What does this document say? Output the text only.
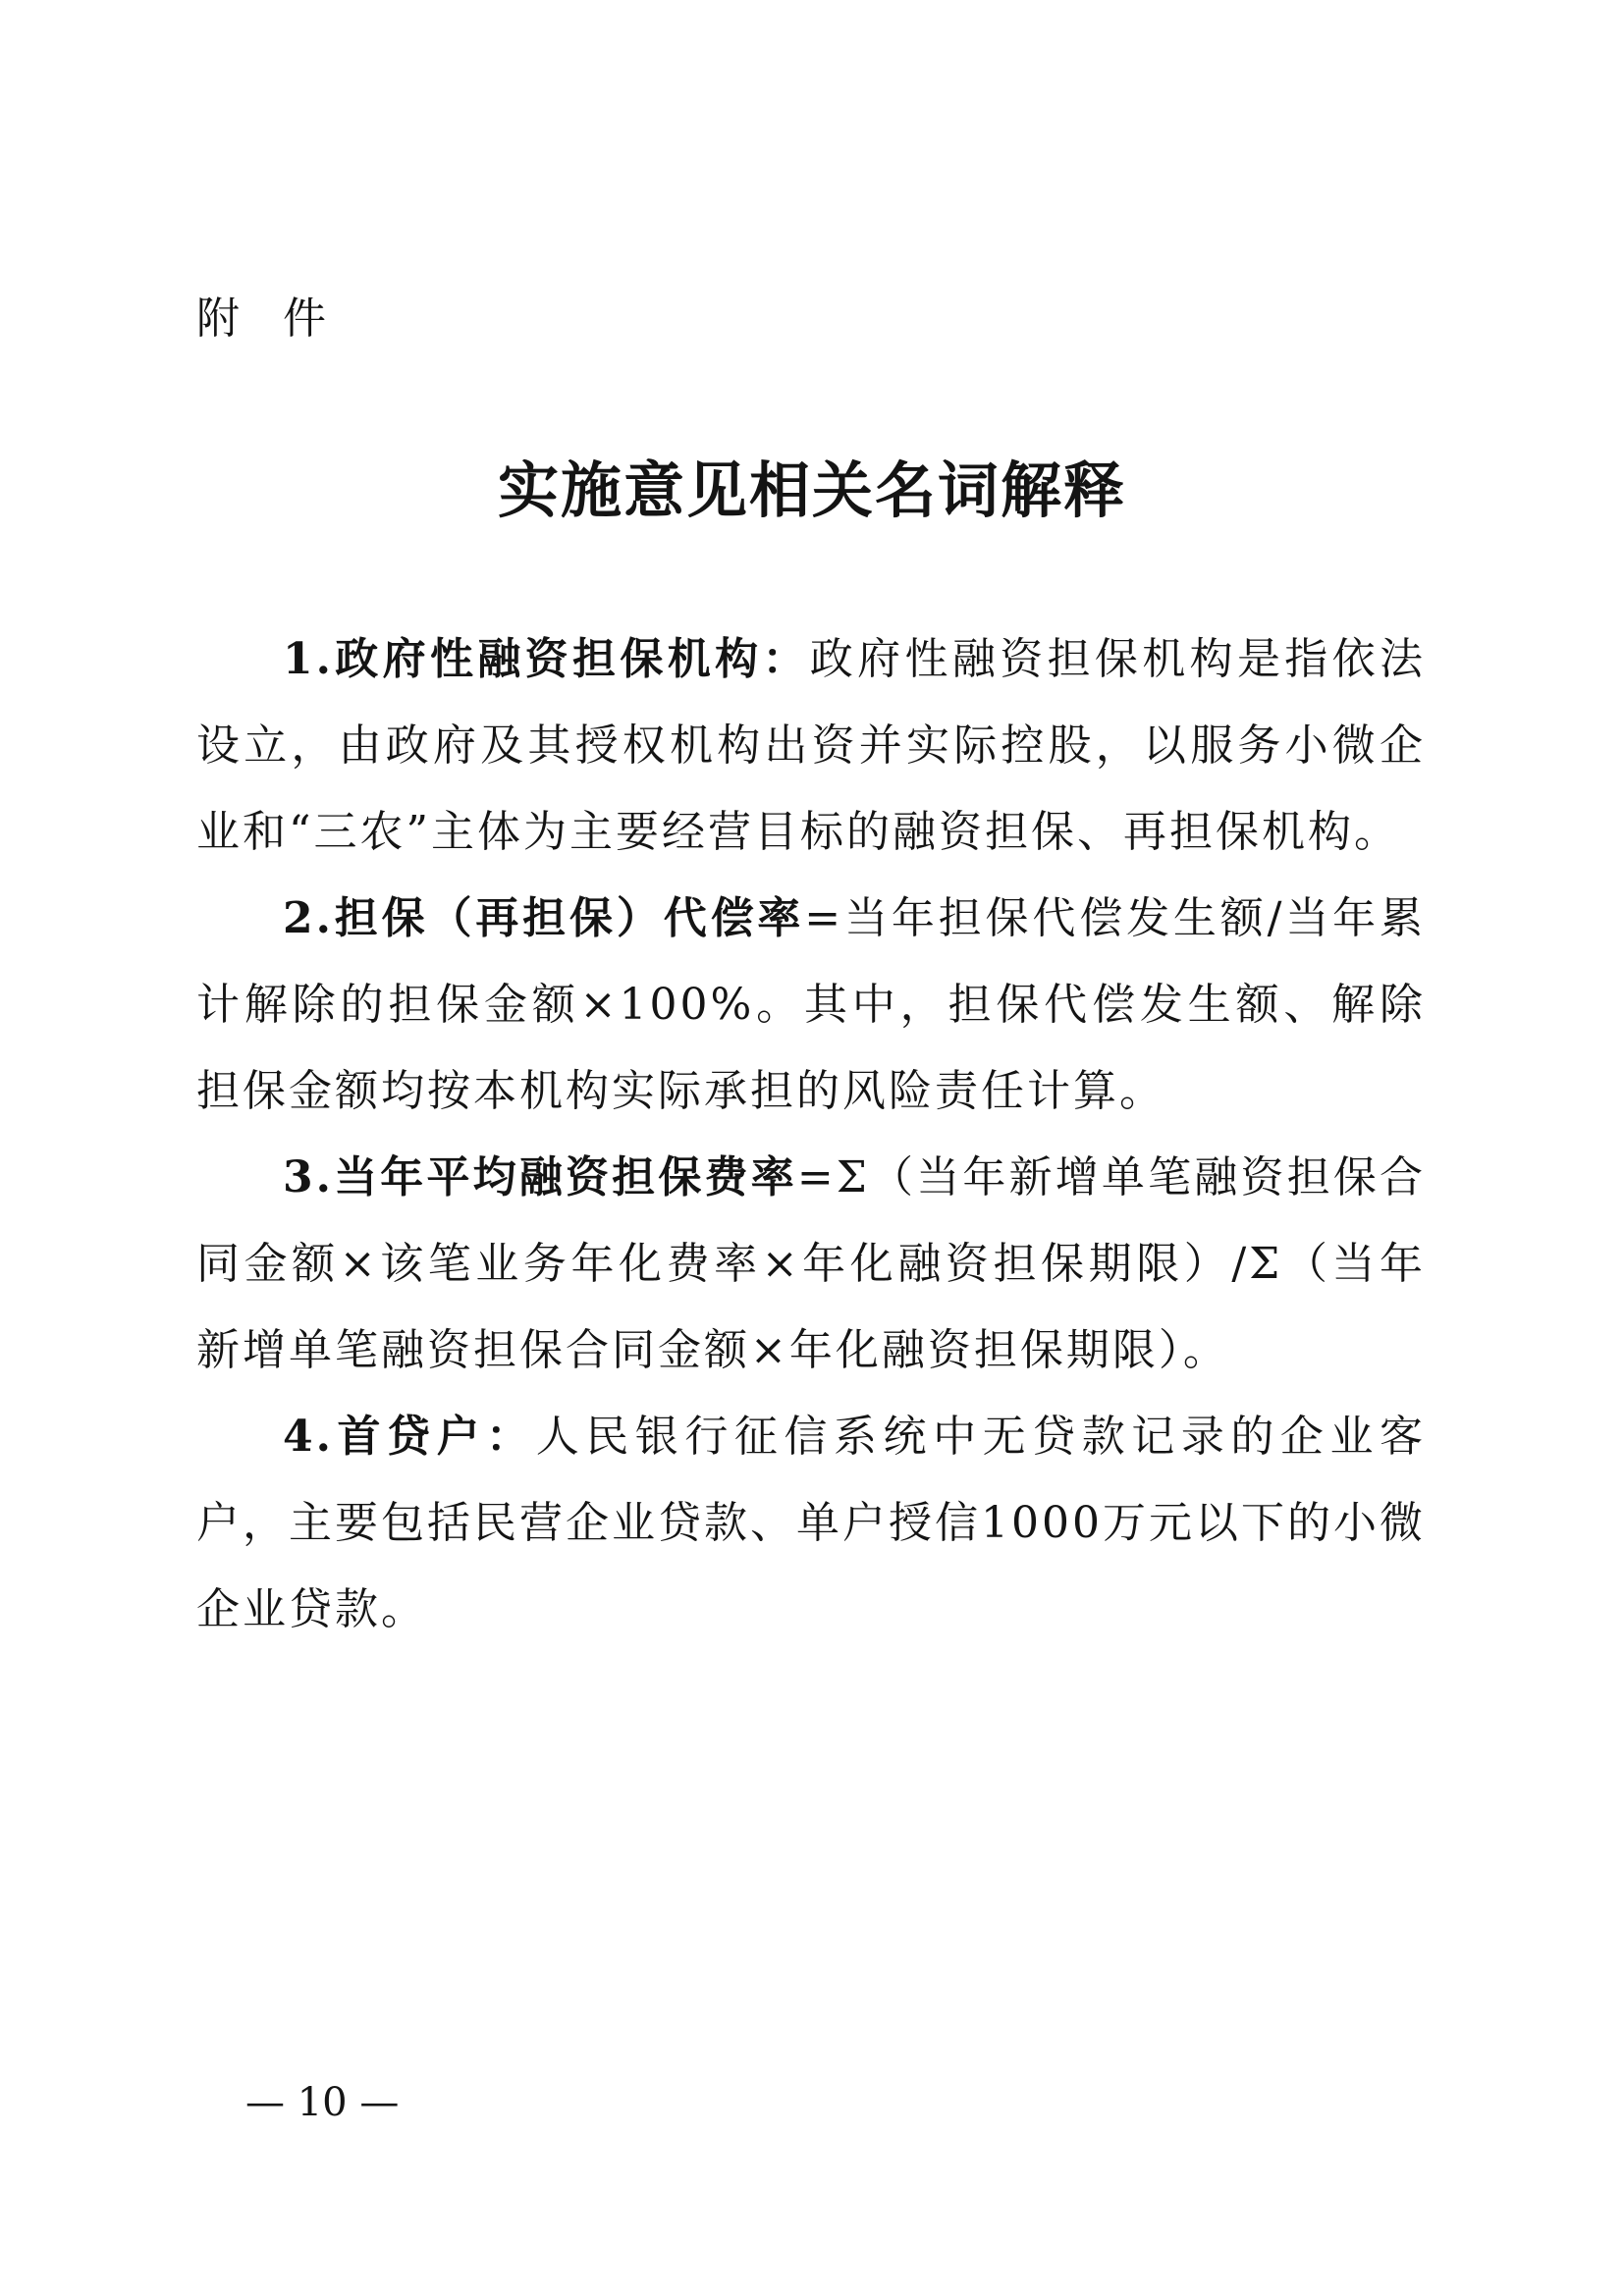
附件

实施意见相关名词解释
1.政府性融资担保机构：政府性融资担保机构是指依法设立，由政府及其授权机构出资并实际控股，以服务小微企业和“三农”主体为主要经营目标的融资担保、再担保机构。
2.担保（再担保）代偿率=当年担保代偿发生额/当年累计解除的担保金额×100%。其中，担保代偿发生额、解除担保金额均按本机构实际承担的风险责任计算。
3.当年平均融资担保费率=Σ（当年新增单笔融资担保合同金额×该笔业务年化费率×年化融资担保期限）/Σ（当年新增单笔融资担保合同金额×年化融资担保期限）。
4.首贷户：人民银行征信系统中无贷款记录的企业客户，主要包括民营企业贷款、单户授信1000万元以下的小微企业贷款。

— 10 —
